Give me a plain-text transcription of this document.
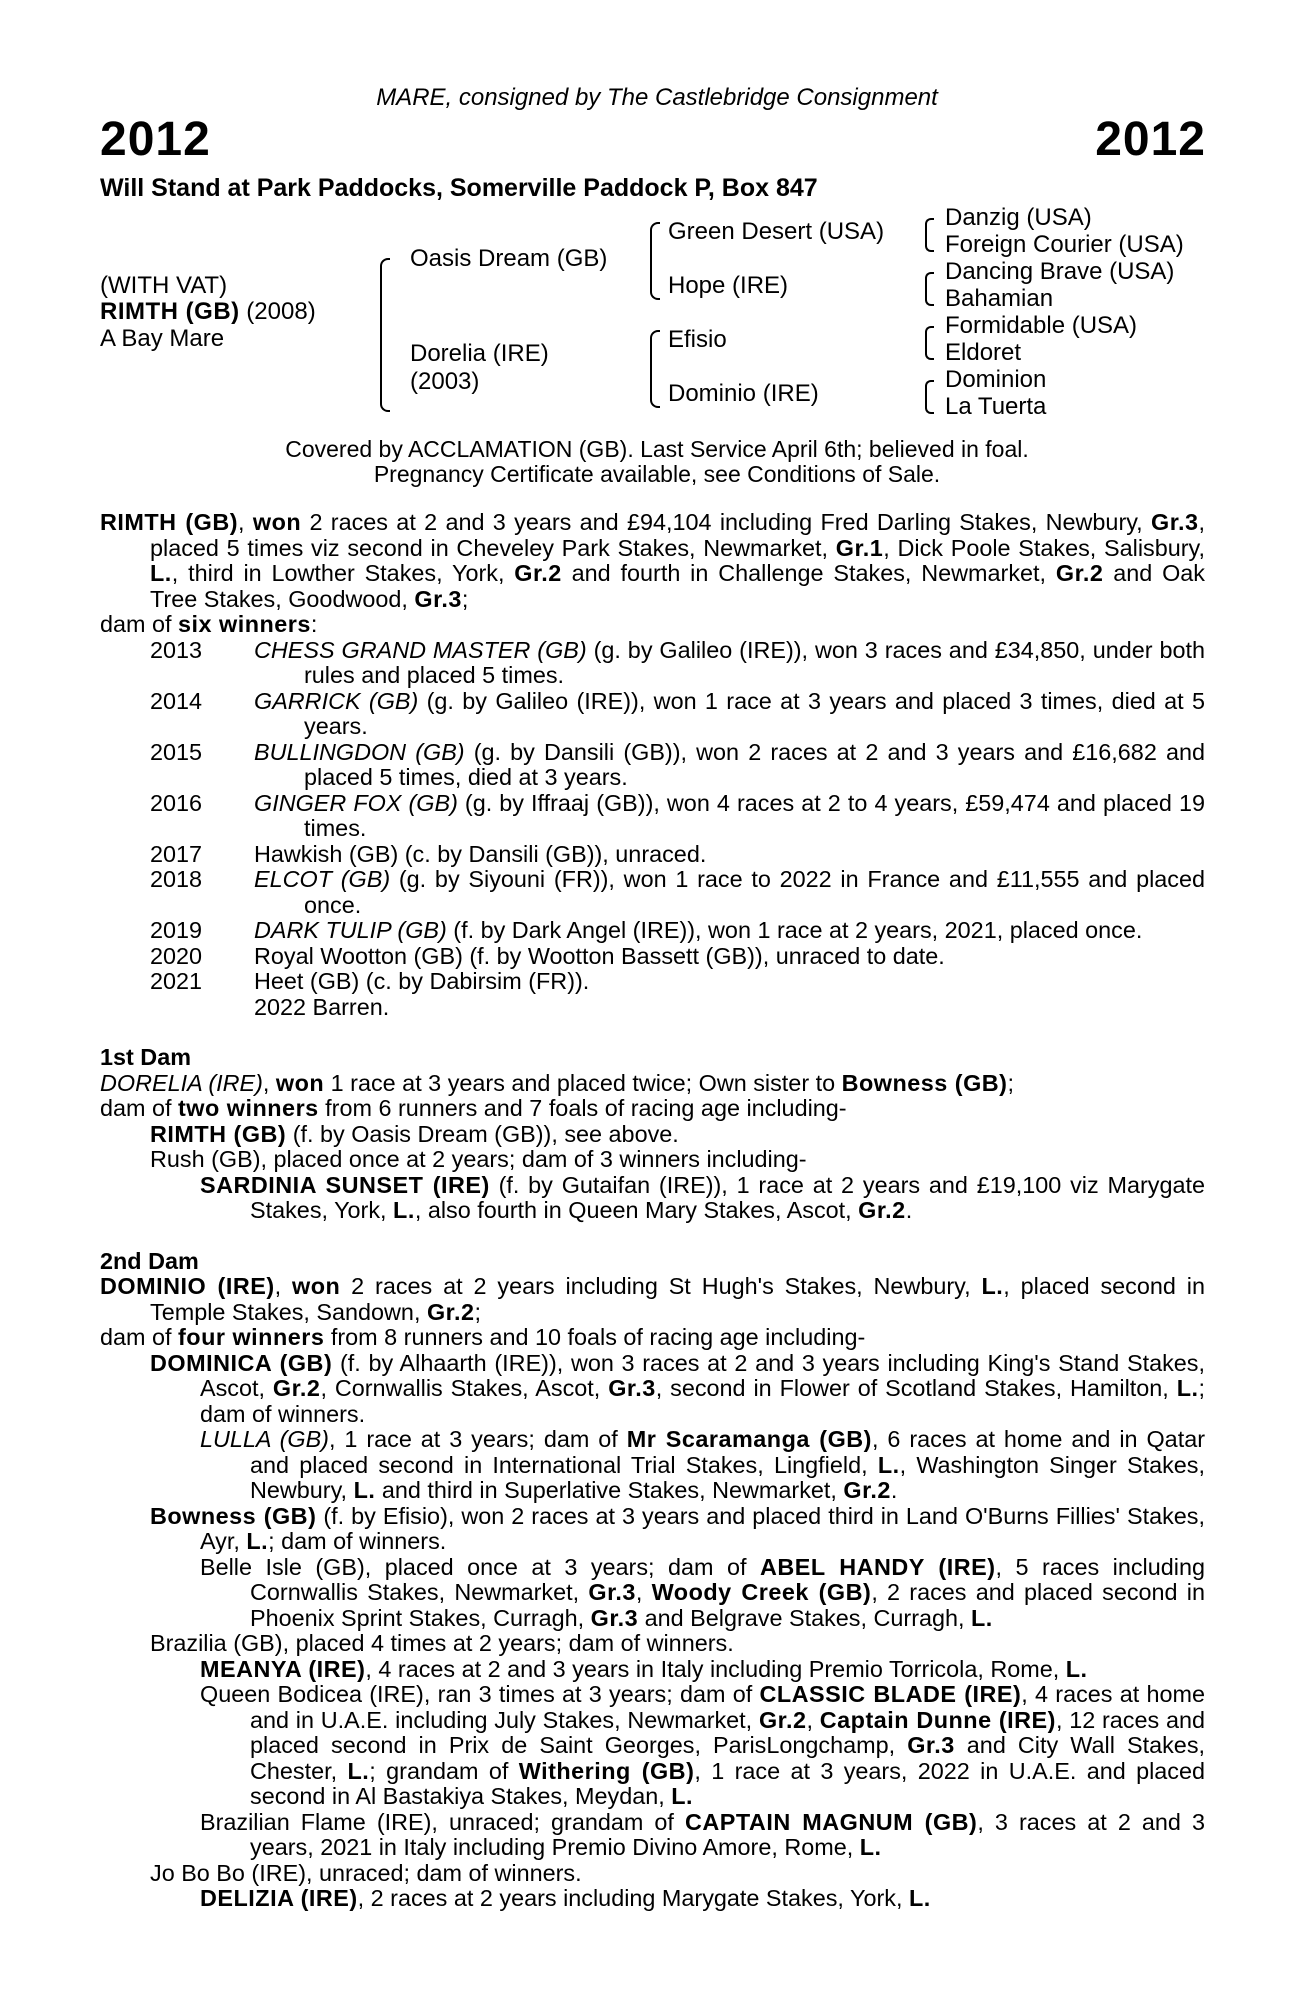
MARE, consigned by The Castlebridge Consignment
2012	2012
Will Stand at Park Paddocks, Somerville Paddock P, Box 847
(WITH VAT)
RIMTH (GB) (2008)
A Bay Mare
Oasis Dream (GB)
Dorelia (IRE)
(2003)
Green Desert (USA)
Hope (IRE)
Efisio
Dominio (IRE)
Danzig (USA)
Foreign Courier (USA)
Dancing Brave (USA)
Bahamian
Formidable (USA)
Eldoret
Dominion
La Tuerta
Covered by ACCLAMATION (GB). Last Service April 6th; believed in foal.
Pregnancy Certificate available, see Conditions of Sale.
RIMTH (GB), won 2 races at 2 and 3 years and £94,104 including Fred Darling Stakes, Newbury, Gr.3, placed 5 times viz second in Cheveley Park Stakes, Newmarket, Gr.1, Dick Poole Stakes, Salisbury, L., third in Lowther Stakes, York, Gr.2 and fourth in Challenge Stakes, Newmarket, Gr.2 and Oak Tree Stakes, Goodwood, Gr.3;
dam of six winners:
2013	CHESS GRAND MASTER (GB) (g. by Galileo (IRE)), won 3 races and £34,850, under both rules and placed 5 times.
2014	GARRICK (GB) (g. by Galileo (IRE)), won 1 race at 3 years and placed 3 times, died at 5 years.
2015	BULLINGDON (GB) (g. by Dansili (GB)), won 2 races at 2 and 3 years and £16,682 and placed 5 times, died at 3 years.
2016	GINGER FOX (GB) (g. by Iffraaj (GB)), won 4 races at 2 to 4 years, £59,474 and placed 19 times.
2017	Hawkish (GB) (c. by Dansili (GB)), unraced.
2018	ELCOT (GB) (g. by Siyouni (FR)), won 1 race to 2022 in France and £11,555 and placed once.
2019	DARK TULIP (GB) (f. by Dark Angel (IRE)), won 1 race at 2 years, 2021, placed once.
2020	Royal Wootton (GB) (f. by Wootton Bassett (GB)), unraced to date.
2021	Heet (GB) (c. by Dabirsim (FR)).
2022 Barren.
1st Dam
DORELIA (IRE), won 1 race at 3 years and placed twice; Own sister to Bowness (GB);
dam of two winners from 6 runners and 7 foals of racing age including-
RIMTH (GB) (f. by Oasis Dream (GB)), see above.
Rush (GB), placed once at 2 years; dam of 3 winners including-
SARDINIA SUNSET (IRE) (f. by Gutaifan (IRE)), 1 race at 2 years and £19,100 viz Marygate Stakes, York, L., also fourth in Queen Mary Stakes, Ascot, Gr.2.
2nd Dam
DOMINIO (IRE), won 2 races at 2 years including St Hugh's Stakes, Newbury, L., placed second in Temple Stakes, Sandown, Gr.2;
dam of four winners from 8 runners and 10 foals of racing age including-
DOMINICA (GB) (f. by Alhaarth (IRE)), won 3 races at 2 and 3 years including King's Stand Stakes, Ascot, Gr.2, Cornwallis Stakes, Ascot, Gr.3, second in Flower of Scotland Stakes, Hamilton, L.; dam of winners.
LULLA (GB), 1 race at 3 years; dam of Mr Scaramanga (GB), 6 races at home and in Qatar and placed second in International Trial Stakes, Lingfield, L., Washington Singer Stakes, Newbury, L. and third in Superlative Stakes, Newmarket, Gr.2.
Bowness (GB) (f. by Efisio), won 2 races at 3 years and placed third in Land O'Burns Fillies' Stakes, Ayr, L.; dam of winners.
Belle Isle (GB), placed once at 3 years; dam of ABEL HANDY (IRE), 5 races including Cornwallis Stakes, Newmarket, Gr.3, Woody Creek (GB), 2 races and placed second in Phoenix Sprint Stakes, Curragh, Gr.3 and Belgrave Stakes, Curragh, L.
Brazilia (GB), placed 4 times at 2 years; dam of winners.
MEANYA (IRE), 4 races at 2 and 3 years in Italy including Premio Torricola, Rome, L.
Queen Bodicea (IRE), ran 3 times at 3 years; dam of CLASSIC BLADE (IRE), 4 races at home and in U.A.E. including July Stakes, Newmarket, Gr.2, Captain Dunne (IRE), 12 races and placed second in Prix de Saint Georges, ParisLongchamp, Gr.3 and City Wall Stakes, Chester, L.; grandam of Withering (GB), 1 race at 3 years, 2022 in U.A.E. and placed second in Al Bastakiya Stakes, Meydan, L.
Brazilian Flame (IRE), unraced; grandam of CAPTAIN MAGNUM (GB), 3 races at 2 and 3 years, 2021 in Italy including Premio Divino Amore, Rome, L.
Jo Bo Bo (IRE), unraced; dam of winners.
DELIZIA (IRE), 2 races at 2 years including Marygate Stakes, York, L.
